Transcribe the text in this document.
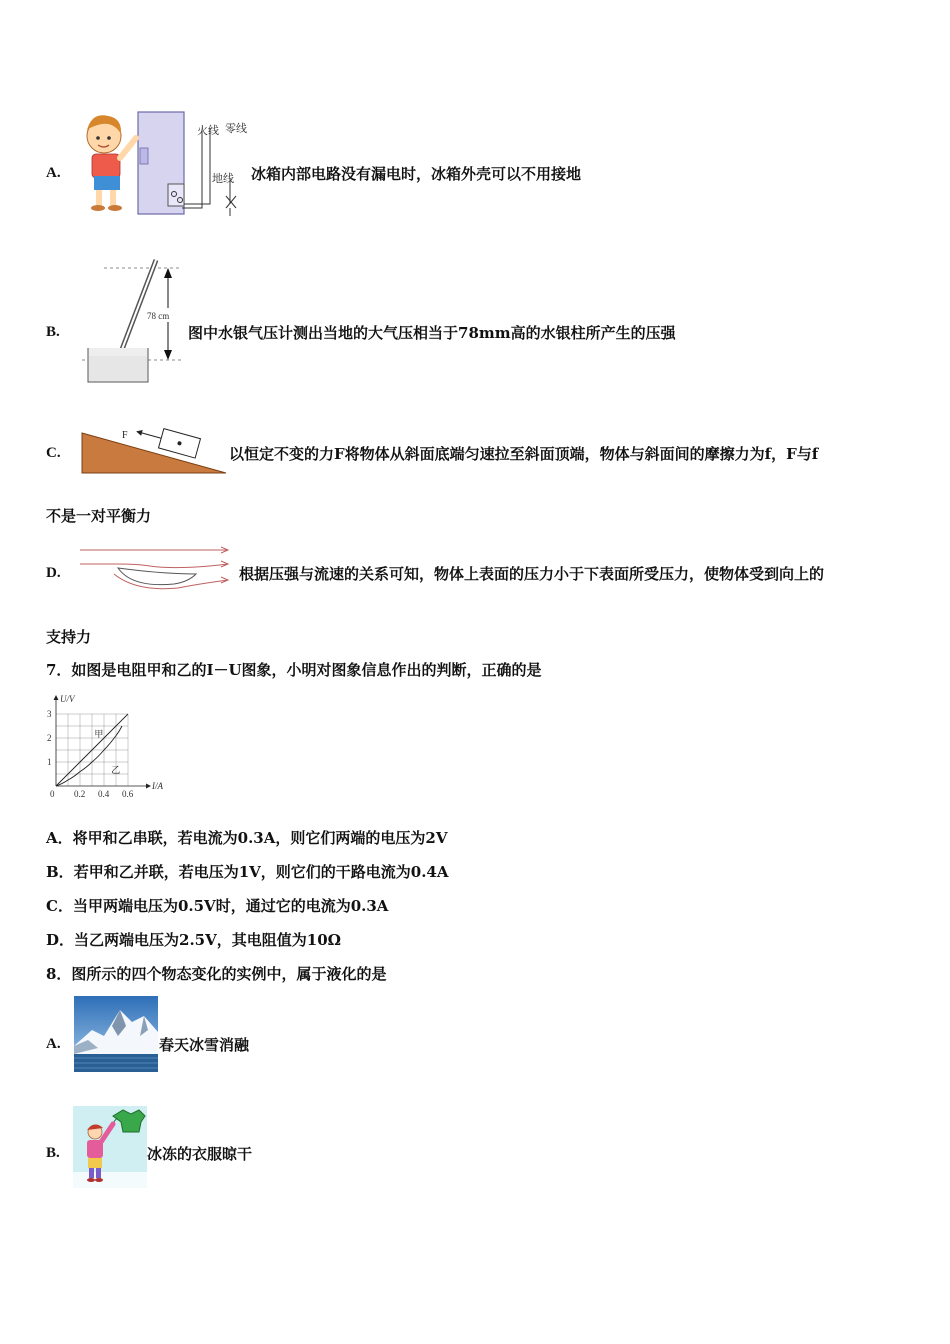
A.
火线 零线
地线 冰箱内部电路没有漏电时，冰箱外壳可以不用接地
B.
78 cm
图中水银气压计测出当地的大气压相当于78mm高的水银柱所产生的压强
C.
F
以恒定不变的力F将物体从斜面底端匀速拉至斜面顶端，物体与斜面间的摩擦力为f，F与f
不是一对平衡力
D.	根据压强与流速的关系可知，物体上表面的压力小于下表面所受压力，使物体受到向上的
支持力
7．如图是电阻甲和乙的I－U图象，小明对图象信息作出的判断，正确的是
U/V
I/A
0 0.2 0.4 0.6
1
2
3
甲
乙
A．将甲和乙串联，若电流为0.3A，则它们两端的电压为2V
B．若甲和乙并联，若电压为1V，则它们的干路电流为0.4A
C．当甲两端电压为0.5V时，通过它的电流为0.3A
D．当乙两端电压为2.5V，其电阻值为10Ω
8．图所示的四个物态变化的实例中，属于液化的是
A.	春天冰雪消融
B.	冰冻的衣服晾干
